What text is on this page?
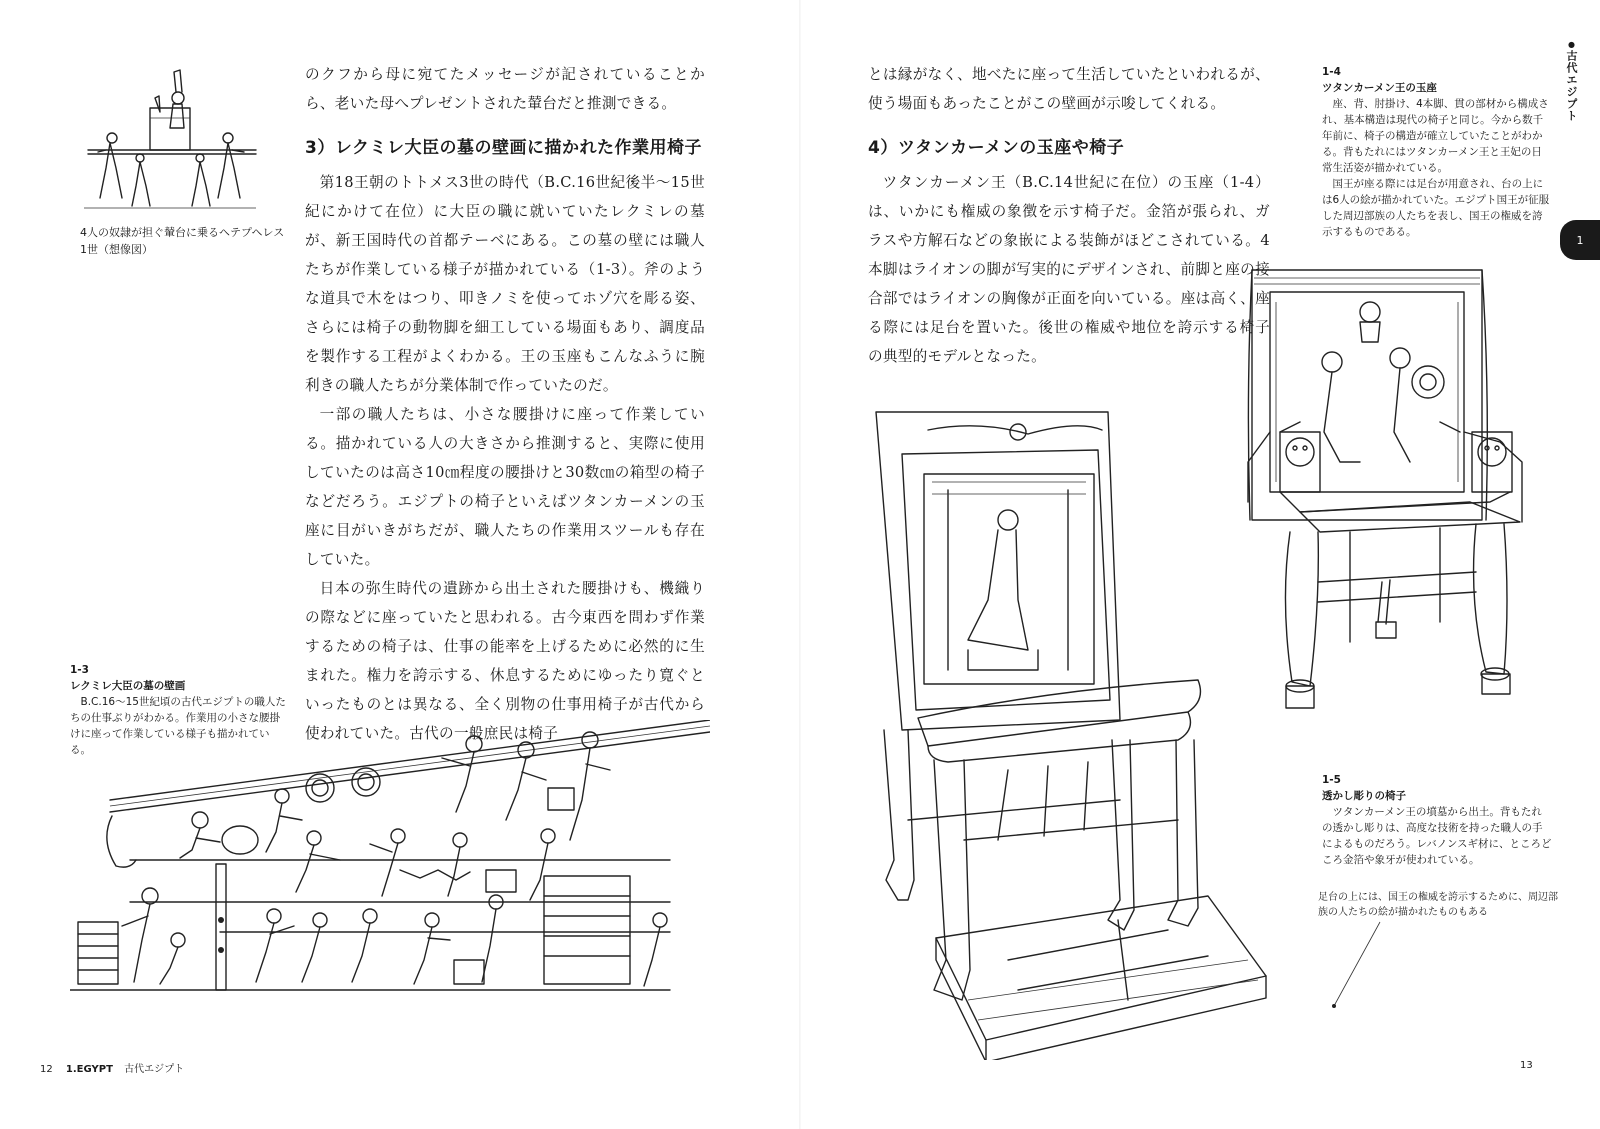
4人の奴隷が担ぐ輦台に乗るヘテプヘレス1世（想像図）

のクフから母に宛てたメッセージが記されていることから、老いた母へプレゼントされた輦台だと推測できる。

3）レクミレ大臣の墓の壁画に描かれた作業用椅子

第18王朝のトトメス3世の時代（B.C.16世紀後半〜15世紀にかけて在位）に大臣の職に就いていたレクミレの墓が、新王国時代の首都テーベにある。この墓の壁には職人たちが作業している様子が描かれている（1-3）。斧のような道具で木をはつり、叩きノミを使ってホゾ穴を彫る姿、さらには椅子の動物脚を細工している場面もあり、調度品を製作する工程がよくわかる。王の玉座もこんなふうに腕利きの職人たちが分業体制で作っていたのだ。

一部の職人たちは、小さな腰掛けに座って作業している。描かれている人の大きさから推測すると、実際に使用していたのは高さ10㎝程度の腰掛けと30数㎝の箱型の椅子などだろう。エジプトの椅子といえばツタンカーメンの玉座に目がいきがちだが、職人たちの作業用スツールも存在していた。

日本の弥生時代の遺跡から出土された腰掛けも、機織りの際などに座っていたと思われる。古今東西を問わず作業するための椅子は、仕事の能率を上げるために必然的に生まれた。権力を誇示する、休息するためにゆったり寛ぐといったものとは異なる、全く別物の仕事用椅子が古代から使われていた。古代の一般庶民は椅子

1-3
レクミレ大臣の墓の壁画
B.C.16〜15世紀頃の古代エジプトの職人たちの仕事ぶりがわかる。作業用の小さな腰掛けに座って作業している様子も描かれている。
12 1.EGYPT 古代エジプト

とは縁がなく、地べたに座って生活していたといわれるが、使う場面もあったことがこの壁画が示唆してくれる。

4）ツタンカーメンの玉座や椅子

ツタンカーメン王（B.C.14世紀に在位）の玉座（1-4）は、いかにも権威の象徴を示す椅子だ。金箔が張られ、ガラスや方解石などの象嵌による装飾がほどこされている。4本脚はライオンの脚が写実的にデザインされ、前脚と座の接合部ではライオンの胸像が正面を向いている。座は高く、座る際には足台を置いた。後世の権威や地位を誇示する椅子の典型的モデルとなった。

1-4
ツタンカーメン王の玉座
座、背、肘掛け、4本脚、貫の部材から構成され、基本構造は現代の椅子と同じ。今から数千年前に、椅子の構造が確立していたことがわかる。背もたれにはツタンカーメン王と王妃の日常生活姿が描かれている。
国王が座る際には足台が用意され、台の上には6人の絵が描かれていた。エジプト国王が征服した周辺部族の人たちを表し、国王の権威を誇示するものである。
●古代エジプト
1
1-5
透かし彫りの椅子
ツタンカーメン王の墳墓から出土。背もたれの透かし彫りは、高度な技術を持った職人の手によるものだろう。レバノンスギ材に、ところどころ金箔や象牙が使われている。
足台の上には、国王の権威を誇示するために、周辺部族の人たちの絵が描かれたものもある
13
